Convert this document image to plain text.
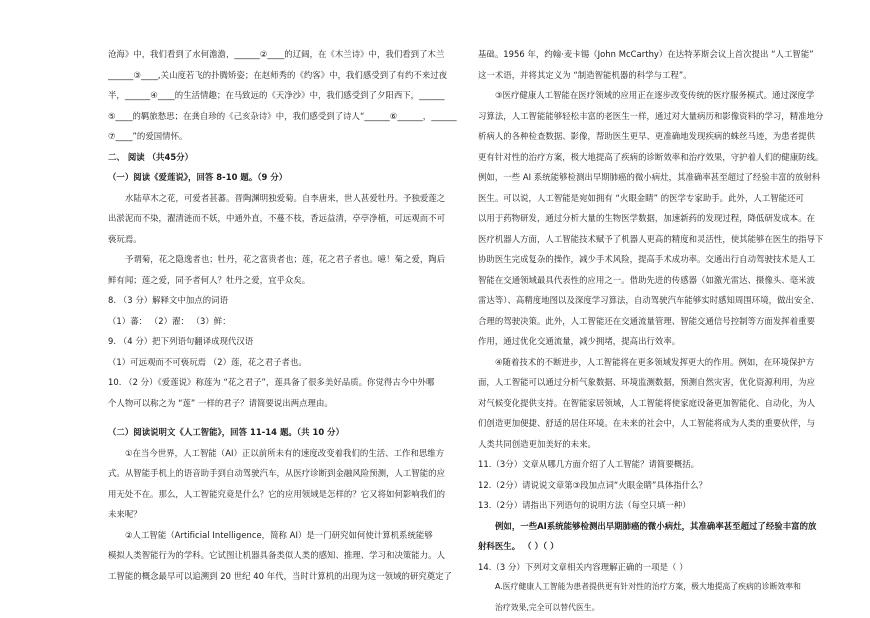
沧海》中，我们看到了水何澹澹，______②____的辽阔，在《木兰诗》中，我们看到了木兰
______③____,关山度若飞的扑腾矫姿；在赵师秀的《约客》中，我们感受到了有约不来过夜
半，______④____的生活情趣；在马致远的《天净沙》中，我们感受到了夕阳西下，______
⑤____的羁旅愁思；在龚自珍的《己亥杂诗》中，我们感受到了诗人“______⑥______，______
⑦____”的爱国情怀。
二、 阅读 （共45分）
（一）阅读《爱莲说》，回答 8-10 题。（9 分）
水陆草木之花，可爱者甚蕃。晋陶渊明独爱菊。自李唐来，世人甚爱牡丹。予独爱莲之
出淤泥而不染，濯清涟而不妖，中通外直，不蔓不枝，香远益清，亭亭净植，可远观而不可
亵玩焉。
予谓菊，花之隐逸者也；牡丹，花之富贵者也；莲，花之君子者也。噫！菊之爱，陶后
鲜有闻；莲之爱，同予者何人？牡丹之爱，宜乎众矣。
8. （3 分）解释文中加点的词语
（1）蕃： （2）濯： （3）鲜：
9. （4 分）把下列语句翻译成现代汉语
（1）可远观而不可亵玩焉 （2）莲，花之君子者也。
10. （2 分）《爱莲说》称莲为 “花之君子”，莲具备了很多美好品质。你觉得古今中外哪
个人物可以称之为 “莲” 一样的君子？请简要说出两点理由。
（二）阅读说明文《人工智能》，回答 11-14 题。（共 10 分）
①在当今世界，人工智能（AI）正以前所未有的速度改变着我们的生活、工作和思维方
式。从智能手机上的语音助手到自动驾驶汽车，从医疗诊断到金融风险预测，人工智能的应
用无处不在。那么，人工智能究竟是什么？它的应用领域是怎样的？它又将如何影响我们的
未来呢？
②人工智能（Artificial Intelligence，简称 AI）是一门研究如何使计算机系统能够
模拟人类智能行为的学科。它试图让机器具备类似人类的感知、推理、学习和决策能力。人
工智能的概念最早可以追溯到 20 世纪 40 年代，当时计算机的出现为这一领域的研究奠定了
基础。1956 年，约翰·麦卡锡（John McCarthy）在达特茅斯会议上首次提出 “人工智能”
这一术语，并将其定义为 “制造智能机器的科学与工程”。
③医疗健康人工智能在医疗领域的应用正在逐步改变传统的医疗服务模式。通过深度学
习算法，人工智能能够轻松丰富的老医生一样，通过对大量病历和影像资料的学习，精准地分
析病人的各种检查数据、影像，帮助医生更早、更准确地发现疾病的蛛丝马迹，为患者提供
更有针对性的治疗方案，极大地提高了疾病的诊断效率和治疗效果，守护着人们的健康防线。
例如，一些 AI 系统能够检测出早期肺癌的微小病灶，其准确率甚至超过了经验丰富的放射科
医生。可以说，人工智能是宛如拥有 “火眼金睛” 的医学专家助手。此外，人工智能还可
以用于药物研发，通过分析大量的生物医学数据，加速新药的发现过程，降低研发成本。在
医疗机器人方面，人工智能技术赋予了机器人更高的精度和灵活性，使其能够在医生的指导下
协助医生完成复杂的操作，减少手术风险，提高手术成功率。交通出行自动驾驶技术是人工
智能在交通领域最具代表性的应用之一。借助先进的传感器（如激光雷达、摄像头、毫米波
雷达等）、高精度地图以及深度学习算法，自动驾驶汽车能够实时感知周围环境，做出安全、
合理的驾驶决策。此外，人工智能还在交通流量管理、智能交通信号控制等方面发挥着重要
作用，通过优化交通流量，减少拥堵，提高出行效率。
④随着技术的不断进步，人工智能将在更多领域发挥更大的作用。例如，在环境保护方
面，人工智能可以通过分析气象数据、环境监测数据，预测自然灾害，优化资源利用，为应
对气候变化提供支持。在智能家居领域，人工智能将使家庭设备更加智能化、自动化，为人
们创造更加便捷、舒适的居住环境。在未来的社会中，人工智能将成为人类的重要伙伴，与
人类共同创造更加美好的未来。
11.（3分）文章从哪几方面介绍了人工智能？请简要概括。
12.（2分）请说说文章第③段加点词“火眼金睛”具体指什么？
13.（2分）请指出下列语句的说明方法（每空只填一种）
例如，一些AI系统能够检测出早期肺癌的微小病灶，其准确率甚至超过了经验丰富的放
射科医生。 （ ）（ ）
14.（3 分）下列对文章相关内容理解正确的一项是（ ）
A.医疗健康人工智能为患者提供更有针对性的治疗方案，极大地提高了疾病的诊断效率和
治疗效果,完全可以替代医生。
